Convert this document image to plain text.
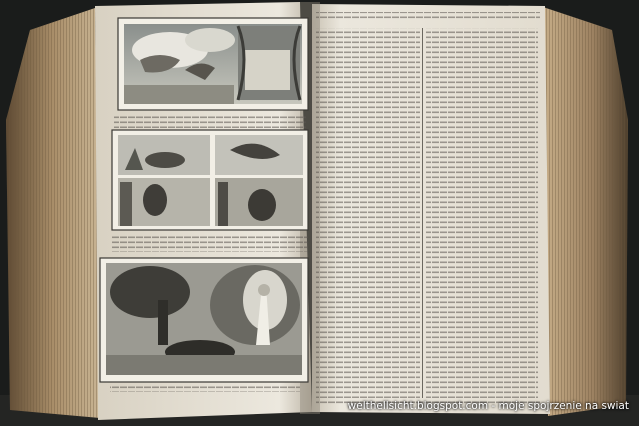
welthellsicht.blogspot.com - moje spojrzenie na swiat
